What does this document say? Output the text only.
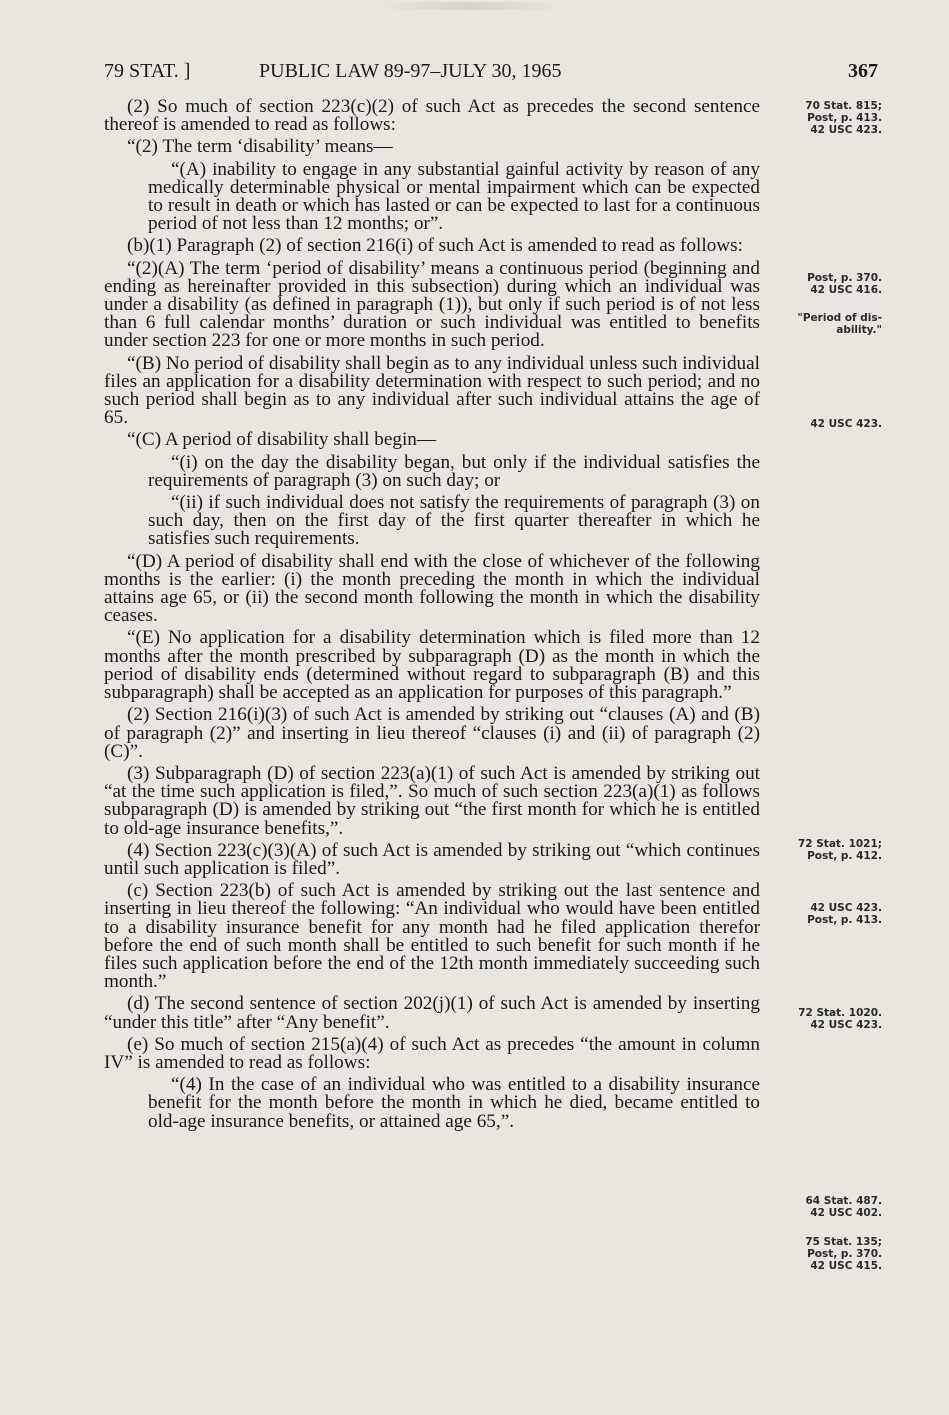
79 STAT. ]	PUBLIC LAW 89-97–JULY 30, 1965	367

(2) So much of section 223(c)(2) of such Act as precedes the second sentence thereof is amended to read as follows:

“(2) The term ‘disability’ means—

“(A) inability to engage in any substantial gainful activity by reason of any medically determinable physical or mental impairment which can be expected to result in death or which has lasted or can be expected to last for a continuous period of not less than 12 months; or”.

(b)(1) Paragraph (2) of section 216(i) of such Act is amended to read as follows:

“(2)(A) The term ‘period of disability’ means a continuous period (beginning and ending as hereinafter provided in this subsection) during which an individual was under a disability (as defined in paragraph (1)), but only if such period is of not less than 6 full calendar months’ duration or such individual was entitled to benefits under section 223 for one or more months in such period.

“(B) No period of disability shall begin as to any individual unless such individual files an application for a disability determination with respect to such period; and no such period shall begin as to any individual after such individual attains the age of 65.

“(C) A period of disability shall begin—

“(i) on the day the disability began, but only if the individual satisfies the requirements of paragraph (3) on such day; or

“(ii) if such individual does not satisfy the requirements of paragraph (3) on such day, then on the first day of the first quarter thereafter in which he satisfies such requirements.

“(D) A period of disability shall end with the close of whichever of the following months is the earlier: (i) the month preceding the month in which the individual attains age 65, or (ii) the second month following the month in which the disability ceases.

“(E) No application for a disability determination which is filed more than 12 months after the month prescribed by subparagraph (D) as the month in which the period of disability ends (determined without regard to subparagraph (B) and this subparagraph) shall be accepted as an application for purposes of this paragraph.”

(2) Section 216(i)(3) of such Act is amended by striking out “clauses (A) and (B) of paragraph (2)” and inserting in lieu thereof “clauses (i) and (ii) of paragraph (2)(C)”.

(3) Subparagraph (D) of section 223(a)(1) of such Act is amended by striking out “at the time such application is filed,”. So much of such section 223(a)(1) as follows subparagraph (D) is amended by striking out “the first month for which he is entitled to old-age insurance benefits,”.

(4) Section 223(c)(3)(A) of such Act is amended by striking out “which continues until such application is filed”.

(c) Section 223(b) of such Act is amended by striking out the last sentence and inserting in lieu thereof the following: “An individual who would have been entitled to a disability insurance benefit for any month had he filed application therefor before the end of such month shall be entitled to such benefit for such month if he files such application before the end of the 12th month immediately succeeding such month.”

(d) The second sentence of section 202(j)(1) of such Act is amended by inserting “under this title” after “Any benefit”.

(e) So much of section 215(a)(4) of such Act as precedes “the amount in column IV” is amended to read as follows:

“(4) In the case of an individual who was entitled to a disability insurance benefit for the month before the month in which he died, became entitled to old-age insurance benefits, or attained age 65,”.

70 Stat. 815;
Post, p. 413.
42 USC 423.
Post, p. 370.
42 USC 416.
"Period of dis-
ability."
42 USC 423.
72 Stat. 1021;
Post, p. 412.
42 USC 423.
Post, p. 413.
72 Stat. 1020.
42 USC 423.
64 Stat. 487.
42 USC 402.
75 Stat. 135;
Post, p. 370.
42 USC 415.
